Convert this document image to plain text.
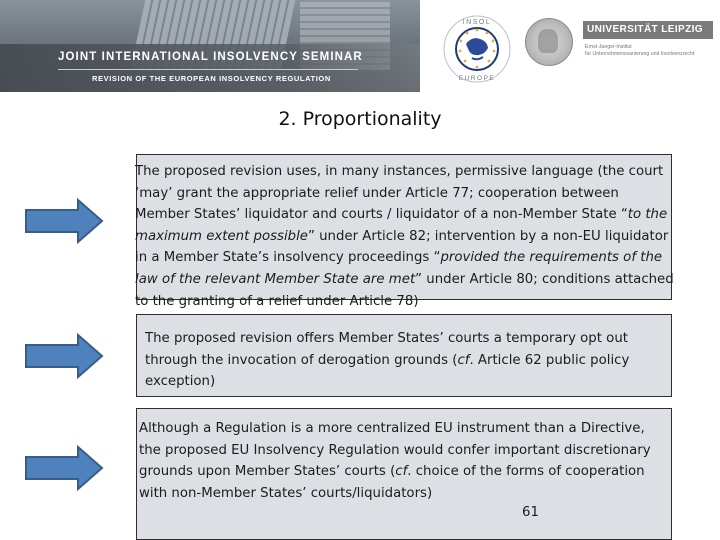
JOINT INTERNATIONAL INSOLVENCY SEMINAR
REVISION OF THE EUROPEAN INSOLVENCY REGULATION
INSOL
EUROPE
UNIVERSITÄT LEIPZIG
Ernst-Jaeger-Institut
für Unternehmenssanierung und Insolvenzrecht
2. Proportionality

The proposed revision uses, in many instances, permissive language (the court ‘may’ grant the appropriate relief under Article 77; cooperation between Member States’ liquidator and courts / liquidator of a non-Member State “to the maximum extent possible” under Article 82; intervention by a non-EU liquidator in a Member State’s insolvency proceedings “provided the requirements of the law of the relevant Member State are met” under Article 80; conditions attached to the granting of a relief under Article 78)

The proposed revision offers Member States’ courts a temporary opt out through the invocation of derogation grounds (cf. Article 62 public policy exception)

Although a Regulation is a more centralized EU instrument than a Directive, the proposed EU Insolvency Regulation would confer important discretionary grounds upon Member States’ courts (cf. choice of the forms of cooperation with non-Member States’ courts/liquidators)

61
